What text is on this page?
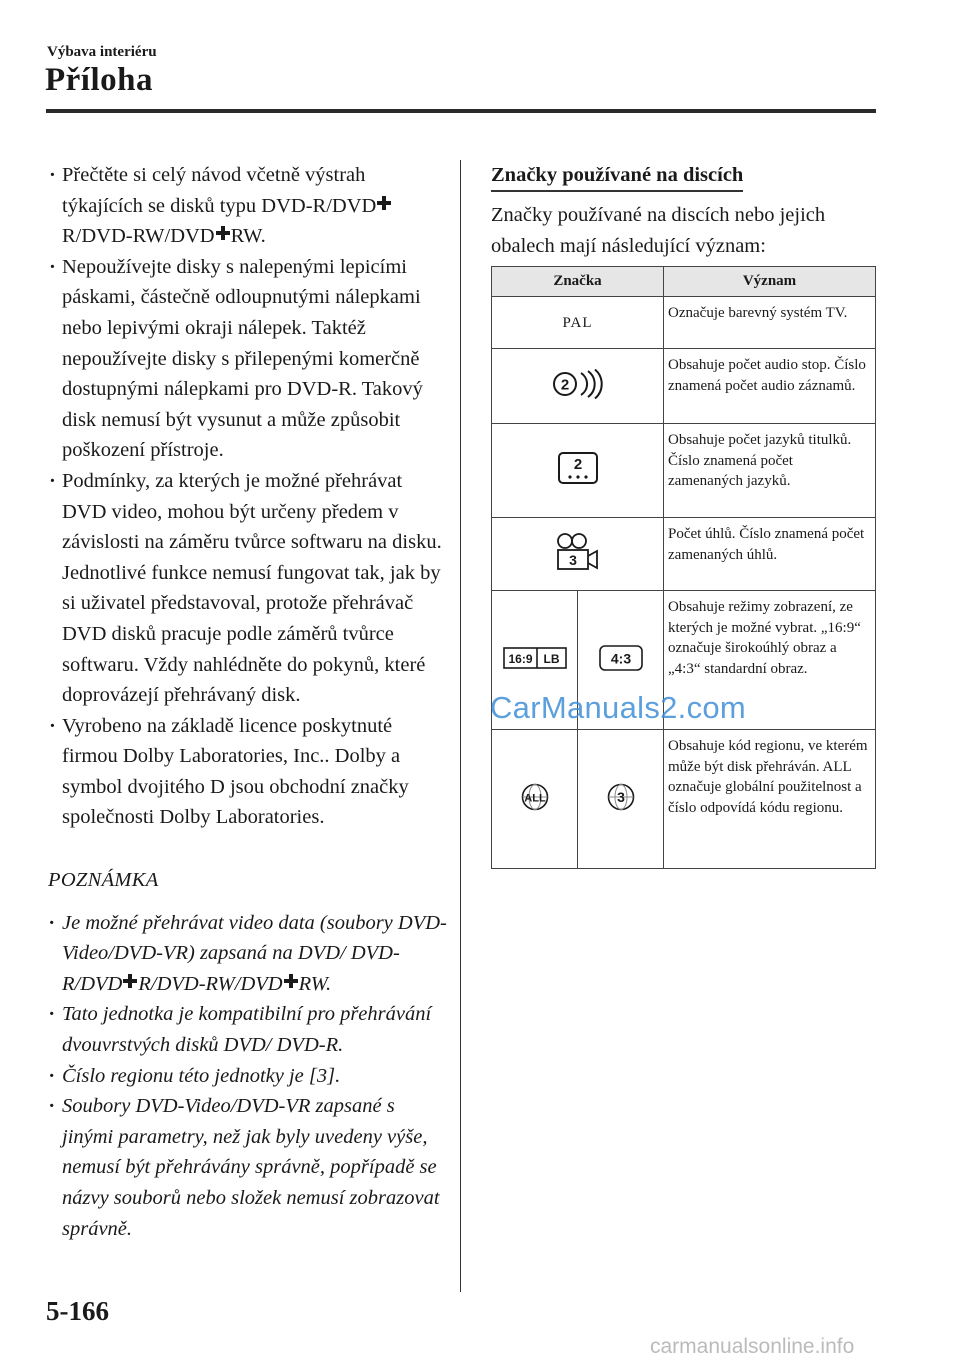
Výbava interiéru
Příloha
· Přečtěte si celý návod včetně výstrah týkajících se disků typu DVD-R/DVDR/DVD-RW/DVD RW.
· Nepoužívejte disky s nalepenými lepicími páskami, částečně odloupnutými nálepkami nebo lepivými okraji nálepek. Taktéž nepoužívejte disky s přilepenými komerčně dostupnými nálepkami pro DVD-R. Takový disk nemusí být vysunut a může způsobit poškození přístroje.
· Podmínky, za kterých je možné přehrávat DVD video, mohou být určeny předem v závislosti na záměru tvůrce softwaru na disku. Jednotlivé funkce nemusí fungovat tak, jak by si uživatel představoval, protože přehrávač DVD disků pracuje podle záměrů tvůrce softwaru. Vždy nahlédněte do pokynů, které doprovázejí přehrávaný disk.
· Vyrobeno na základě licence poskytnuté firmou Dolby Laboratories, Inc.. Dolby a symbol dvojitého D jsou obchodní značky společnosti Dolby Laboratories.
POZNÁMKA
· Je možné přehrávat video data (soubory DVD-Video/DVD-VR) zapsaná na DVD/ DVD-R/DVD R/DVD-RW/DVD RW.
· Tato jednotka je kompatibilní pro přehrávání dvouvrstvých disků DVD/ DVD-R.
· Číslo regionu této jednotky je [3].
· Soubory DVD-Video/DVD-VR zapsané s jinými parametry, než jak byly uvedeny výše, nemusí být přehrávány správně, popřípadě se názvy souborů nebo složek nemusí zobrazovat správně.
Značky používané na discích
Značky používané na discích nebo jejich obalech mají následující význam:
Značka		Význam
PAL		Označuje barevný systém TV.

2		Obsahuje počet audio stop. Číslo znamená počet audio záznamů.

2		Obsahuje počet jazyků titulků. Číslo znamená počet zamenaných jazyků.

3		Počet úhlů. Číslo znamená počet zamenaných úhlů.

16:9 LB	4:3	Obsahuje režimy zobrazení, ze kterých je možné vybrat. „16:9“ označuje širokoúhlý obraz a „4:3“ standardní obraz.

ALL	3	Obsahuje kód regionu, ve kterém může být disk přehráván. ALL označuje globální použitelnost a číslo odpovídá kódu regionu.
CarManuals2.com
5-166
carmanualsonline.info
